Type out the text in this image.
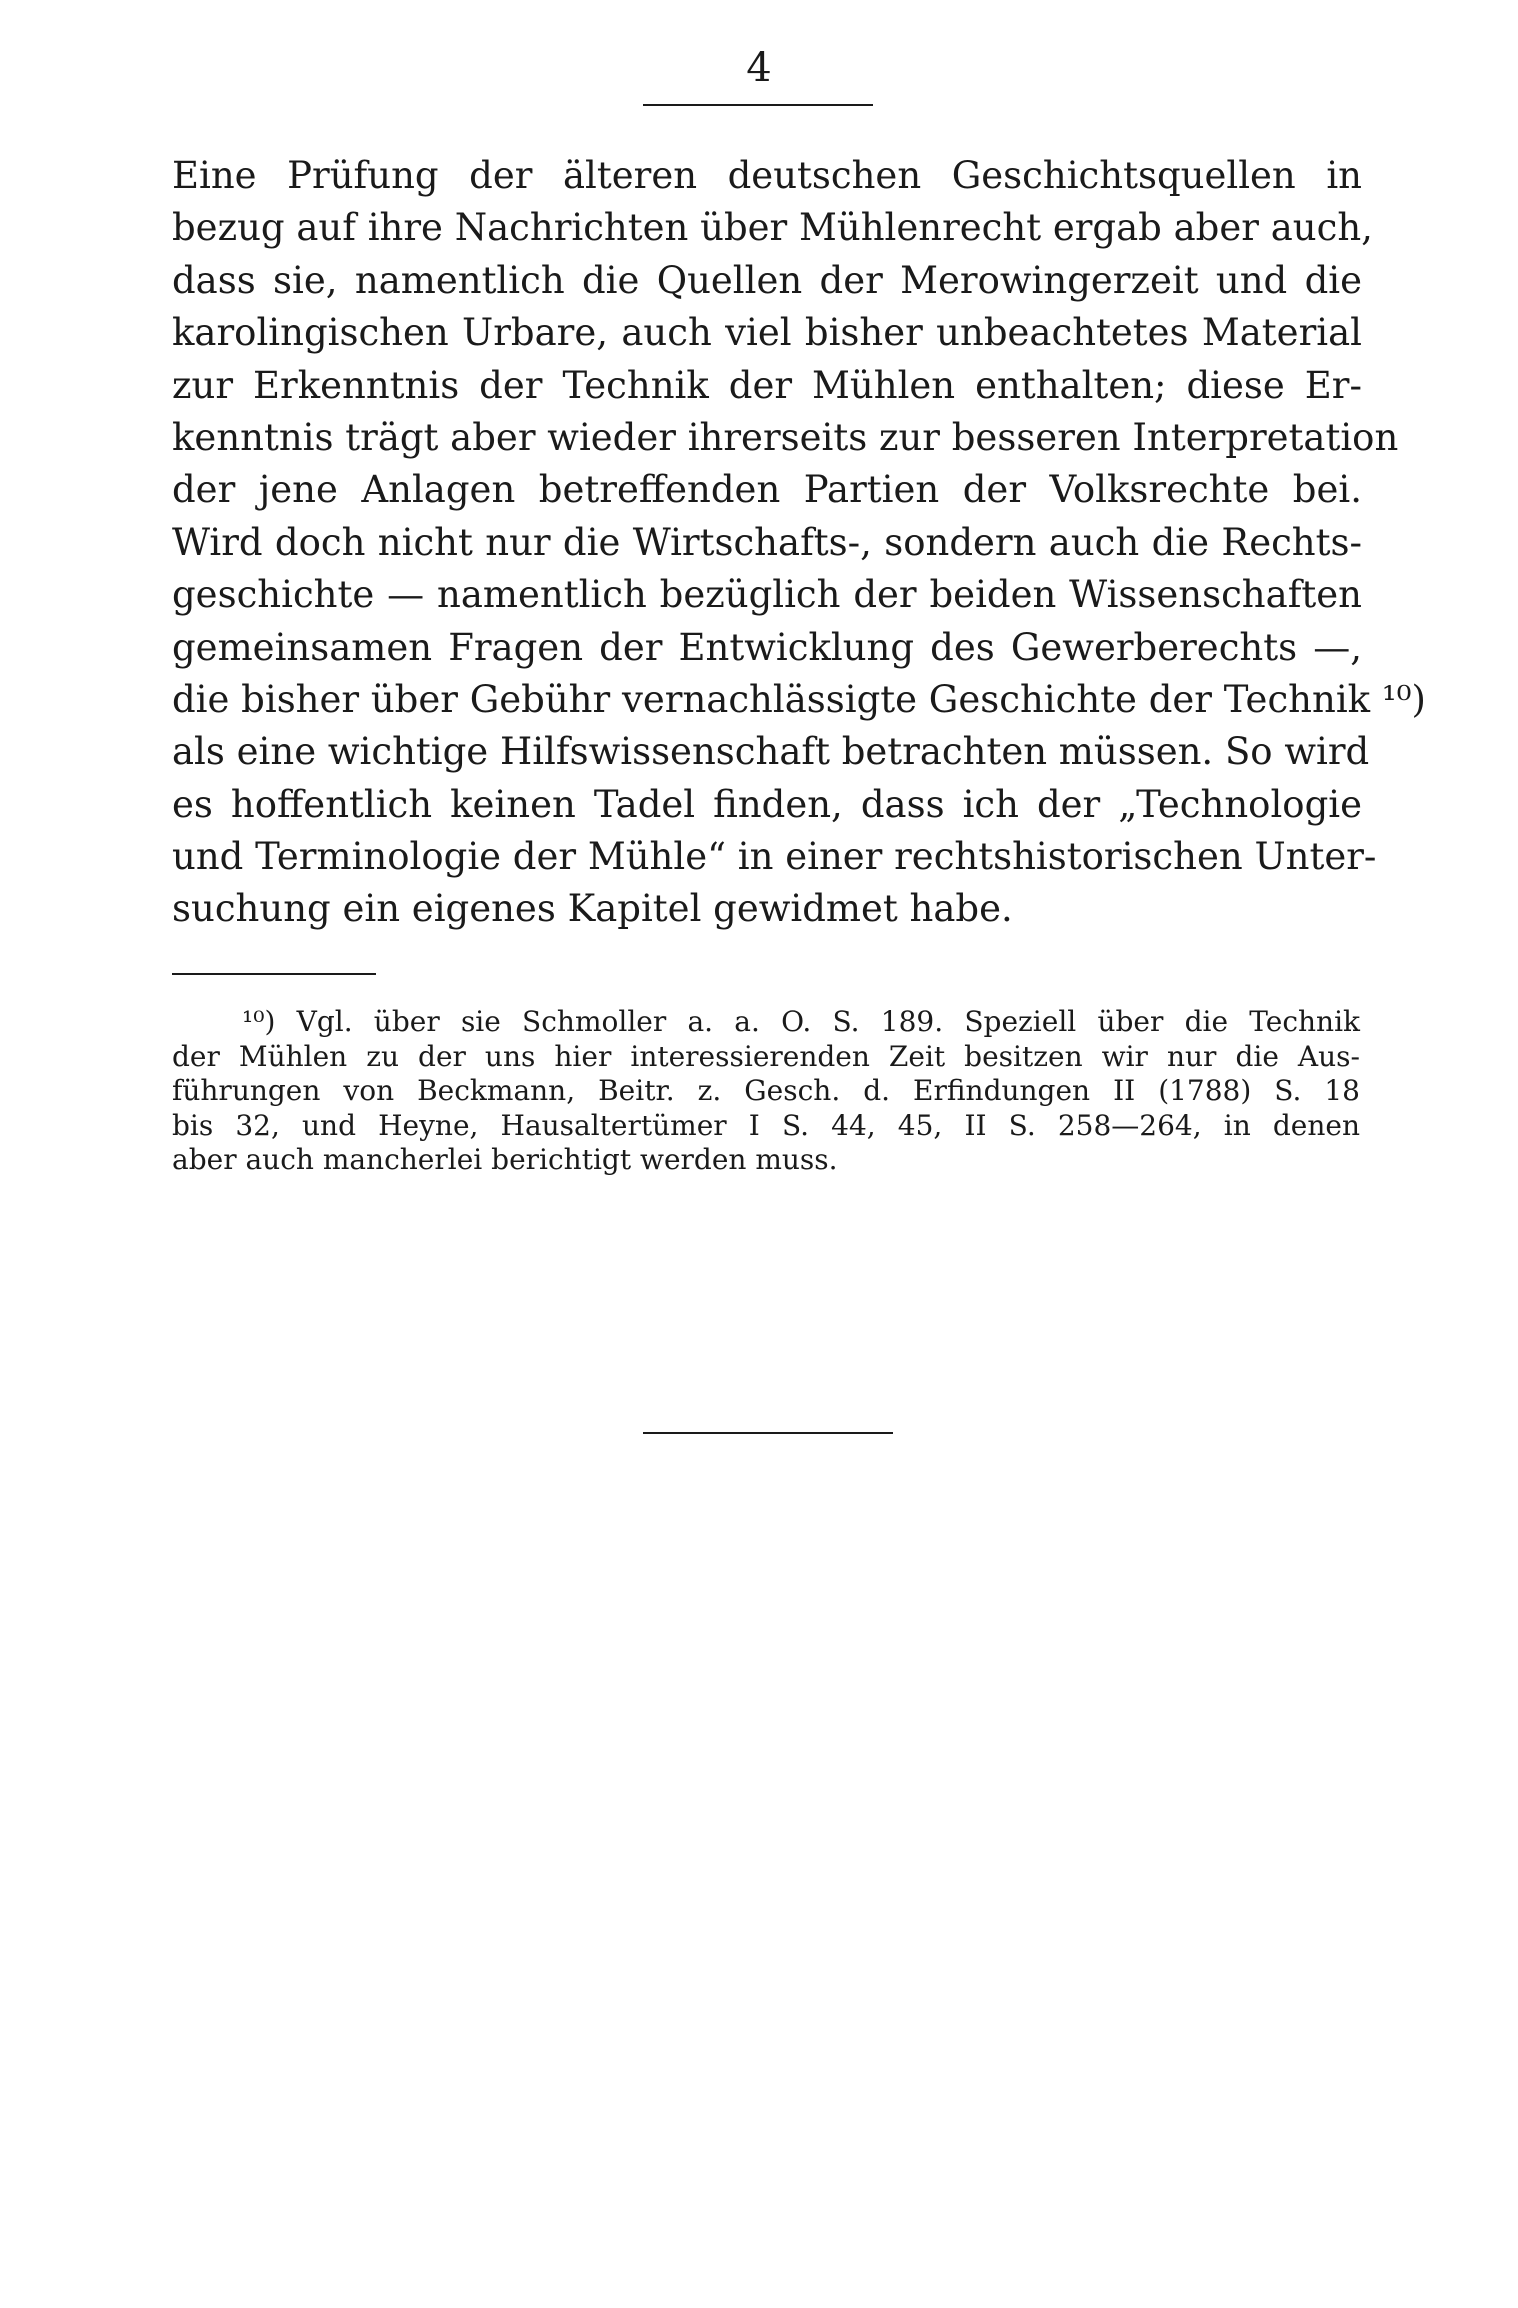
4
Eine Prüfung der älteren deutschen Geschichtsquellen in
bezug auf ihre Nachrichten über Mühlenrecht ergab aber auch,
dass sie, namentlich die Quellen der Merowingerzeit und die
karolingischen Urbare, auch viel bisher unbeachtetes Material
zur Erkenntnis der Technik der Mühlen enthalten; diese Er-
kenntnis trägt aber wieder ihrerseits zur besseren Interpretation
der jene Anlagen betreffenden Partien der Volksrechte bei.
Wird doch nicht nur die Wirtschafts-, sondern auch die Rechts-
geschichte — namentlich bezüglich der beiden Wissenschaften
gemeinsamen Fragen der Entwicklung des Gewerberechts —,
die bisher über Gebühr vernachlässigte Geschichte der Technik ¹⁰)
als eine wichtige Hilfswissenschaft betrachten müssen. So wird
es hoffentlich keinen Tadel finden, dass ich der „Technologie
und Terminologie der Mühle“ in einer rechtshistorischen Unter-
suchung ein eigenes Kapitel gewidmet habe.
¹⁰) Vgl. über sie Schmoller a. a. O. S. 189. Speziell über die Technik
der Mühlen zu der uns hier interessierenden Zeit besitzen wir nur die Aus-
führungen von Beckmann, Beitr. z. Gesch. d. Erfindungen II (1788) S. 18
bis 32, und Heyne, Hausaltertümer I S. 44, 45, II S. 258—264, in denen
aber auch mancherlei berichtigt werden muss.
